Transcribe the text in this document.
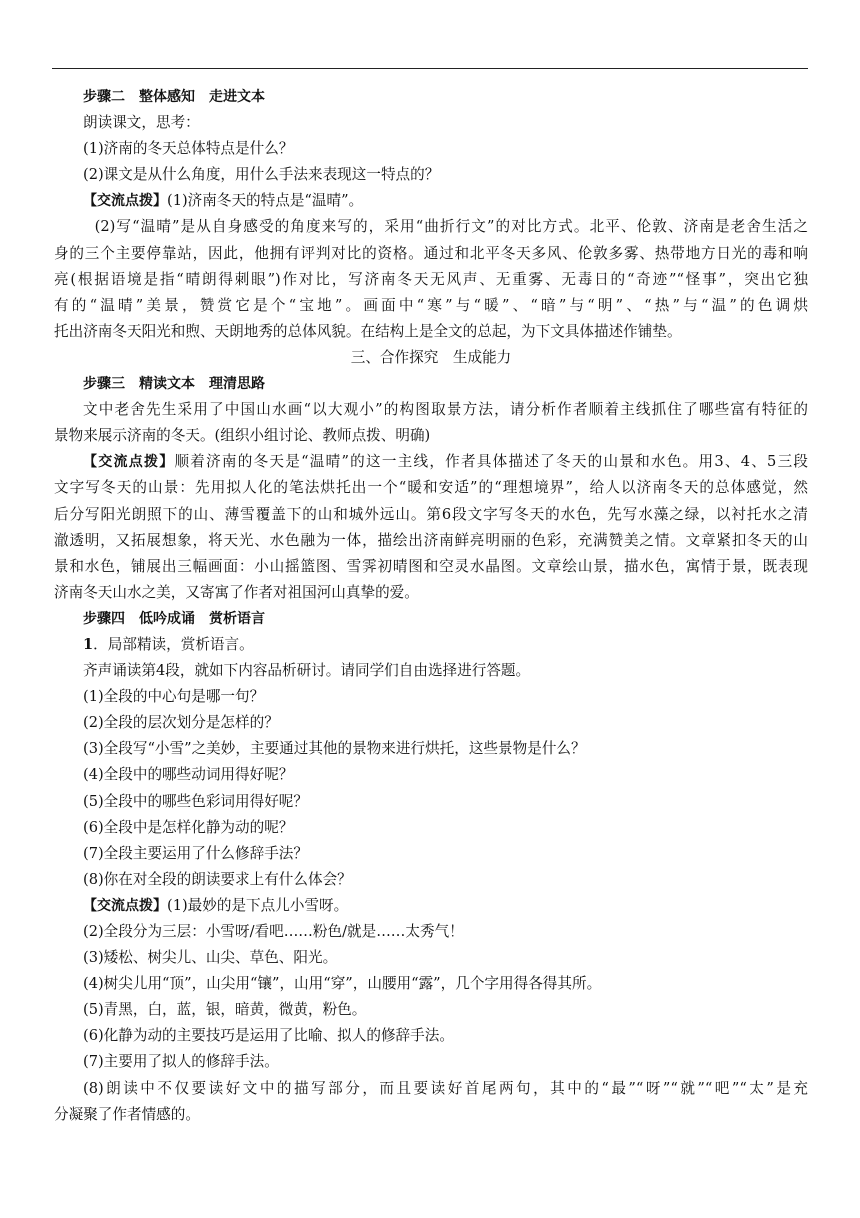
步骤二　整体感知　走进文本
朗读课文，思考：
(1)济南的冬天总体特点是什么？
(2)课文是从什么角度，用什么手法来表现这一特点的？
【交流点拨】(1)济南冬天的特点是“温晴”。
(2)写“温晴”是从自身感受的角度来写的，采用“曲折行文”的对比方式。北平、伦敦、济南是老舍生活之
身的三个主要停靠站，因此，他拥有评判对比的资格。通过和北平冬天多风、伦敦多雾、热带地方日光的毒和响
亮(根据语境是指“晴朗得刺眼”)作对比，写济南冬天无风声、无重雾、无毒日的“奇迹”“怪事”，突出它独
有的“温晴”美景，赞赏它是个“宝地”。画面中“寒”与“暖”、“暗”与“明”、“热”与“温”的色调烘
托出济南冬天阳光和煦、天朗地秀的总体风貌。在结构上是全文的总起，为下文具体描述作铺垫。
三、合作探究　生成能力
步骤三　精读文本　理清思路
文中老舍先生采用了中国山水画“以大观小”的构图取景方法，请分析作者顺着主线抓住了哪些富有特征的
景物来展示济南的冬天。(组织小组讨论、教师点拨、明确)
【交流点拨】顺着济南的冬天是“温晴”的这一主线，作者具体描述了冬天的山景和水色。用3、4、5三段
文字写冬天的山景：先用拟人化的笔法烘托出一个“暖和安适”的“理想境界”，给人以济南冬天的总体感觉，然
后分写阳光朗照下的山、薄雪覆盖下的山和城外远山。第6段文字写冬天的水色，先写水藻之绿，以衬托水之清
澈透明，又拓展想象，将天光、水色融为一体，描绘出济南鲜亮明丽的色彩，充满赞美之情。文章紧扣冬天的山
景和水色，铺展出三幅画面：小山摇篮图、雪霁初晴图和空灵水晶图。文章绘山景，描水色，寓情于景，既表现
济南冬天山水之美，又寄寓了作者对祖国河山真挚的爱。
步骤四　低吟成诵　赏析语言
1．局部精读，赏析语言。
齐声诵读第4段，就如下内容品析研讨。请同学们自由选择进行答题。
(1)全段的中心句是哪一句？
(2)全段的层次划分是怎样的？
(3)全段写“小雪”之美妙，主要通过其他的景物来进行烘托，这些景物是什么？
(4)全段中的哪些动词用得好呢？
(5)全段中的哪些色彩词用得好呢？
(6)全段中是怎样化静为动的呢？
(7)全段主要运用了什么修辞手法？
(8)你在对全段的朗读要求上有什么体会？
【交流点拨】(1)最妙的是下点儿小雪呀。
(2)全段分为三层：小雪呀/看吧……粉色/就是……太秀气！
(3)矮松、树尖儿、山尖、草色、阳光。
(4)树尖儿用“顶”，山尖用“镶”，山用“穿”，山腰用“露”，几个字用得各得其所。
(5)青黑，白，蓝，银，暗黄，微黄，粉色。
(6)化静为动的主要技巧是运用了比喻、拟人的修辞手法。
(7)主要用了拟人的修辞手法。
(8)朗读中不仅要读好文中的描写部分，而且要读好首尾两句，其中的“最”“呀”“就”“吧”“太”是充
分凝聚了作者情感的。
